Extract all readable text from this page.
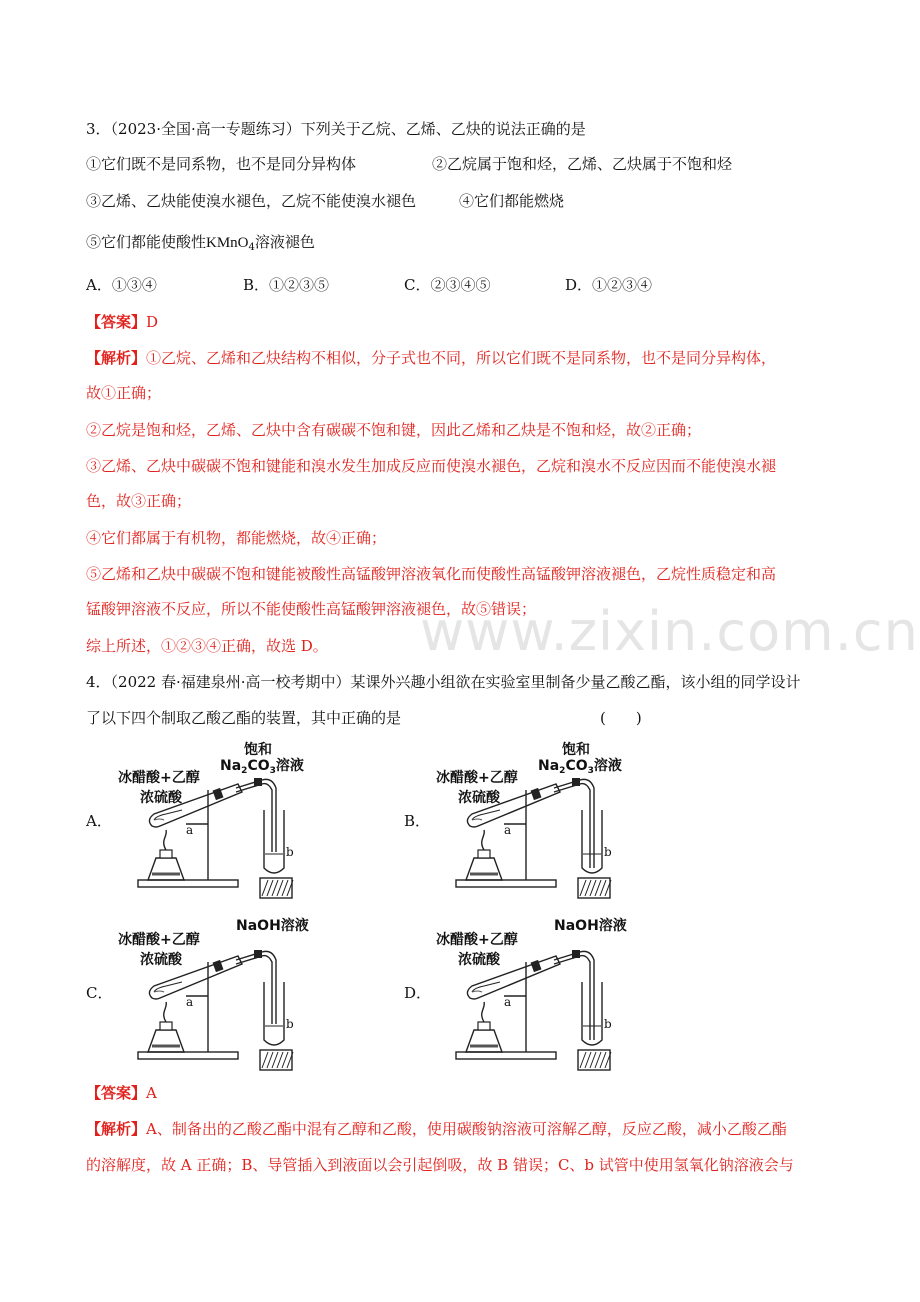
3．（2023·全国·高一专题练习）下列关于乙烷、乙烯、乙炔的说法正确的是
①它们既不是同系物，也不是同分异构体	②乙烷属于饱和烃，乙烯、乙炔属于不饱和烃
③乙烯、乙炔能使溴水褪色，乙烷不能使溴水褪色	④它们都能燃烧
⑤它们都能使酸性KMnO$_4$溶液褪色
A．①③④	B．①②③⑤	C．②③④⑤	D．①②③④
【答案】D
【解析】①乙烷、乙烯和乙炔结构不相似，分子式也不同，所以它们既不是同系物，也不是同分异构体，
故①正确；
②乙烷是饱和烃，乙烯、乙炔中含有碳碳不饱和键，因此乙烯和乙炔是不饱和烃，故②正确；
③乙烯、乙炔中碳碳不饱和键能和溴水发生加成反应而使溴水褪色，乙烷和溴水不反应因而不能使溴水褪
色，故③正确；
④它们都属于有机物，都能燃烧，故④正确；
⑤乙烯和乙炔中碳碳不饱和键能被酸性高锰酸钾溶液氧化而使酸性高锰酸钾溶液褪色，乙烷性质稳定和高
锰酸钾溶液不反应，所以不能使酸性高锰酸钾溶液褪色，故⑤错误；
综上所述，①②③④正确，故选 D。 www.zixin.com.cn
4．（2022 春·福建泉州·高一校考期中）某课外兴趣小组欲在实验室里制备少量乙酸乙酯，该小组的同学设计
了以下四个制取乙酸乙酯的装置，其中正确的是	(　　)
A．
冰醋酸+乙醇
浓硫酸
饱和
$Na_2CO_3$溶液
a
b
B．
冰醋酸+乙醇
浓硫酸
饱和
$Na_2CO_3$溶液
a
b
C．
冰醋酸+乙醇
浓硫酸
NaOH溶液
a
b
D．
冰醋酸+乙醇
浓硫酸
NaOH溶液
a
b
【答案】A
【解析】A、制备出的乙酸乙酯中混有乙醇和乙酸，使用碳酸钠溶液可溶解乙醇，反应乙酸，减小乙酸乙酯
的溶解度，故 A 正确；B、导管插入到液面以会引起倒吸，故 B 错误；C、b 试管中使用氢氧化钠溶液会与
